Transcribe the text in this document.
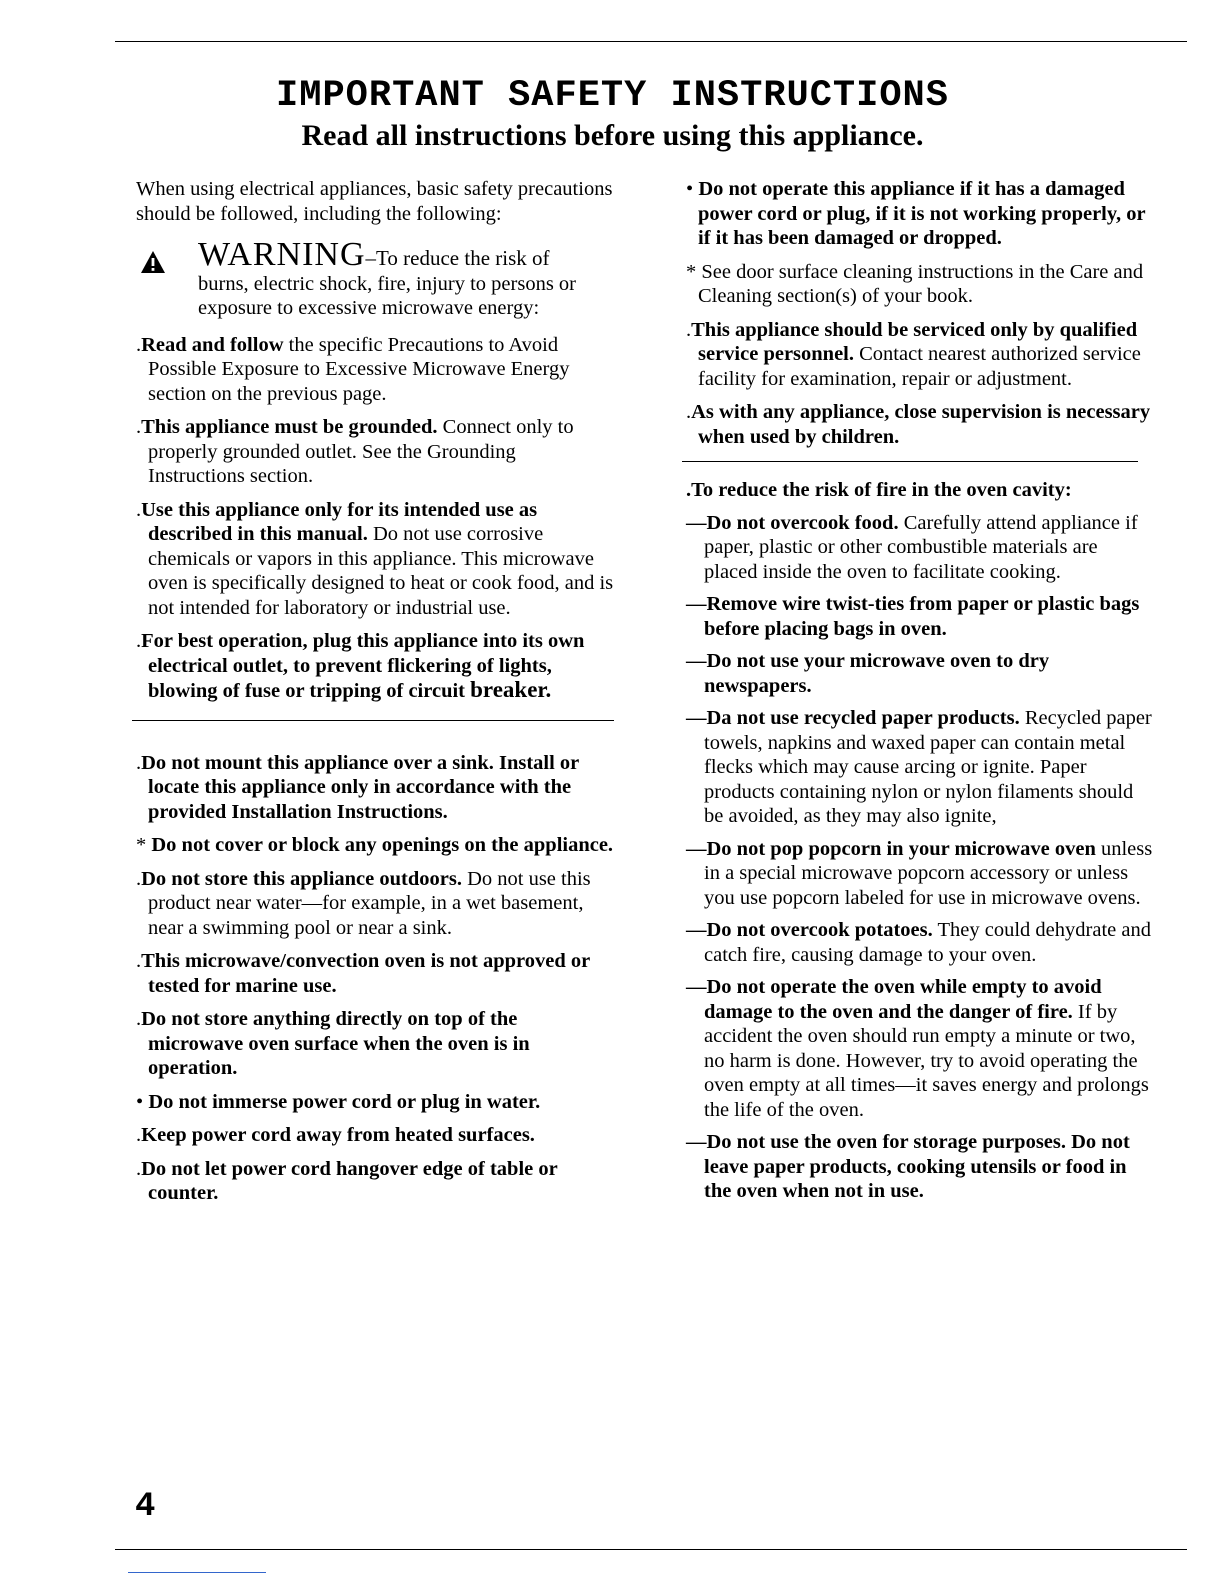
IMPORTANT SAFETY INSTRUCTIONS
Read all instructions before using this appliance.

When using electrical appliances, basic safety precautions should be followed, including the following:

WARNING–To reduce the risk of

burns, electric shock, fire, injury to persons or exposure to excessive microwave energy:

.Read and follow the specific Precautions to Avoid Possible Exposure to Excessive Microwave Energy section on the previous page.

.This appliance must be grounded. Connect only to properly grounded outlet. See the Grounding Instructions section.

.Use this appliance only for its intended use as described in this manual. Do not use corrosive chemicals or vapors in this appliance. This microwave oven is specifically designed to heat or cook food, and is not intended for laboratory or industrial use.

.For best operation, plug this appliance into its own electrical outlet, to prevent flickering of lights, blowing of fuse or tripping of circuit breaker.

.Do not mount this appliance over a sink. Install or locate this appliance only in accordance with the provided Installation Instructions.

* Do not cover or block any openings on the appliance.

.Do not store this appliance outdoors. Do not use this product near water—for example, in a wet basement, near a swimming pool or near a sink.

.This microwave/convection oven is not approved or tested for marine use.

.Do not store anything directly on top of the microwave oven surface when the oven is in operation.

• Do not immerse power cord or plug in water.

.Keep power cord away from heated surfaces.

.Do not let power cord hangover edge of table or counter.

• Do not operate this appliance if it has a damaged power cord or plug, if it is not working properly, or if it has been damaged or dropped.

* See door surface cleaning instructions in the Care and Cleaning section(s) of your book.

.This appliance should be serviced only by qualified service personnel. Contact nearest authorized service facility for examination, repair or adjustment.

.As with any appliance, close supervision is necessary when used by children.

.To reduce the risk of fire in the oven cavity:

—Do not overcook food. Carefully attend appliance if paper, plastic or other combustible materials are placed inside the oven to facilitate cooking.

—Remove wire twist-ties from paper or plastic bags before placing bags in oven.

—Do not use your microwave oven to dry newspapers.

—Da not use recycled paper products. Recycled paper towels, napkins and waxed paper can contain metal flecks which may cause arcing or ignite. Paper products containing nylon or nylon filaments should be avoided, as they may also ignite,

—Do not pop popcorn in your microwave oven unless in a special microwave popcorn accessory or unless you use popcorn labeled for use in microwave ovens.

—Do not overcook potatoes. They could dehydrate and catch fire, causing damage to your oven.

—Do not operate the oven while empty to avoid damage to the oven and the danger of fire. If by accident the oven should run empty a minute or two, no harm is done. However, try to avoid operating the oven empty at all times—it saves energy and prolongs the life of the oven.

—Do not use the oven for storage purposes. Do not leave paper products, cooking utensils or food in the oven when not in use.

4
